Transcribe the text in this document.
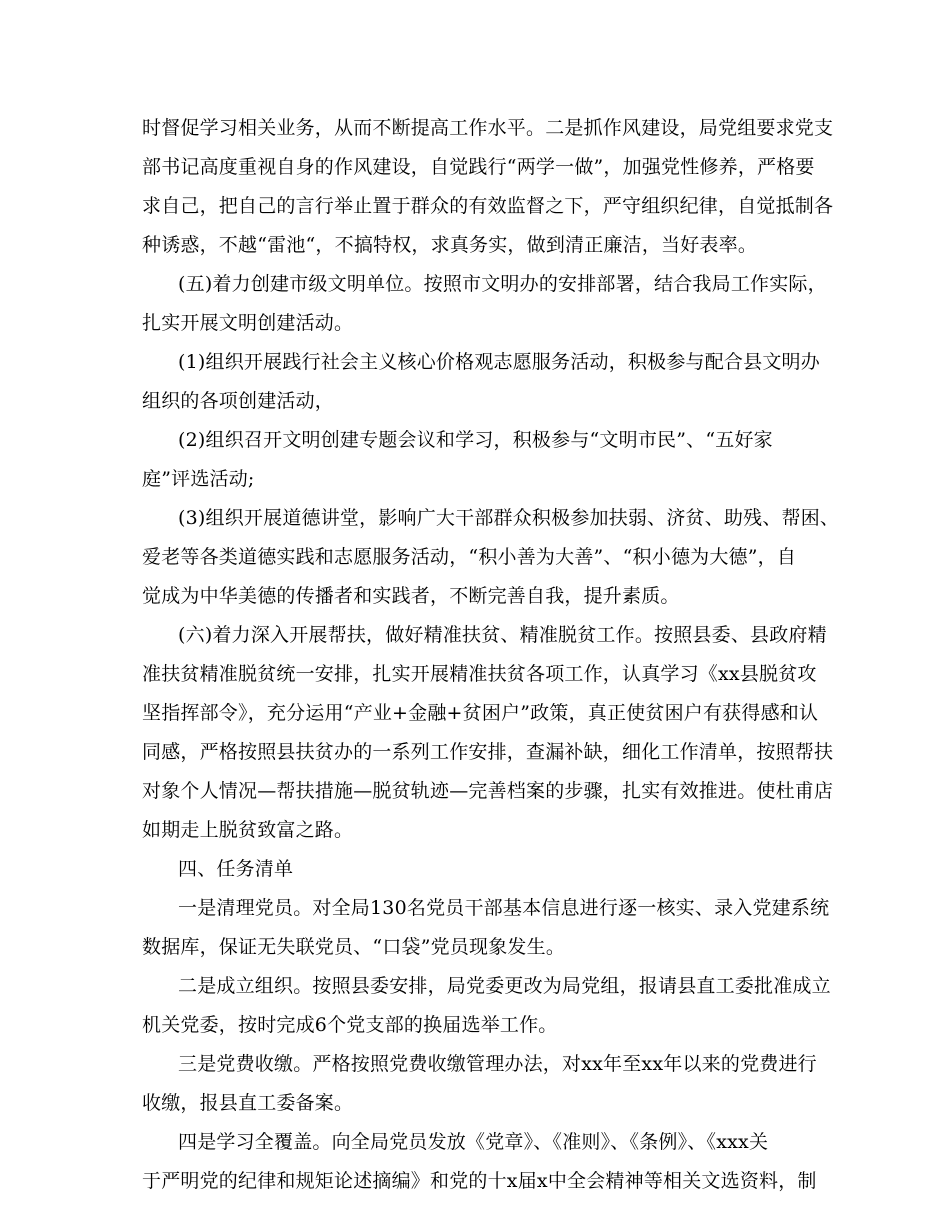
时督促学习相关业务，从而不断提高工作水平。二是抓作风建设，局党组要求党支
部书记高度重视自身的作风建设，自觉践行“两学一做”，加强党性修养，严格要
求自己，把自己的言行举止置于群众的有效监督之下，严守组织纪律，自觉抵制各
种诱惑，不越“雷池“，不搞特权，求真务实，做到清正廉洁，当好表率。
(五)着力创建市级文明单位。按照市文明办的安排部署，结合我局工作实际，
扎实开展文明创建活动。
(1)组织开展践行社会主义核心价格观志愿服务活动，积极参与配合县文明办
组织的各项创建活动，
(2)组织召开文明创建专题会议和学习，积极参与“文明市民”、“五好家
庭”评选活动;
(3)组织开展道德讲堂，影响广大干部群众积极参加扶弱、济贫、助残、帮困、
爱老等各类道德实践和志愿服务活动，“积小善为大善”、“积小德为大德”，自
觉成为中华美德的传播者和实践者，不断完善自我，提升素质。
(六)着力深入开展帮扶，做好精准扶贫、精准脱贫工作。按照县委、县政府精
准扶贫精准脱贫统一安排，扎实开展精准扶贫各项工作，认真学习《xx县脱贫攻
坚指挥部令》，充分运用“产业+金融+贫困户”政策，真正使贫困户有获得感和认
同感，严格按照县扶贫办的一系列工作安排，查漏补缺，细化工作清单，按照帮扶
对象个人情况—帮扶措施—脱贫轨迹—完善档案的步骤，扎实有效推进。使杜甫店
如期走上脱贫致富之路。
四、任务清单
一是清理党员。对全局130名党员干部基本信息进行逐一核实、录入党建系统
数据库，保证无失联党员、“口袋”党员现象发生。
二是成立组织。按照县委安排，局党委更改为局党组，报请县直工委批准成立
机关党委，按时完成6个党支部的换届选举工作。
三是党费收缴。严格按照党费收缴管理办法，对xx年至xx年以来的党费进行
收缴，报县直工委备案。
四是学习全覆盖。向全局党员发放《党章》、《准则》、《条例》、《xxx关
于严明党的纪律和规矩论述摘编》和党的十x届x中全会精神等相关文选资料，制
